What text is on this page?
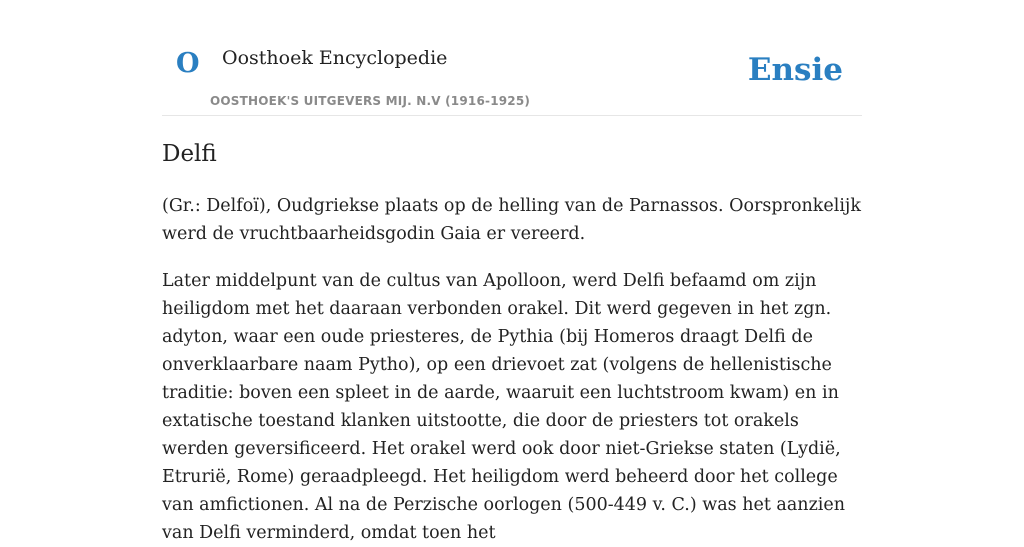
O Oosthoek Encyclopedie
OOSTHOEK'S UITGEVERS MIJ. N.V (1916-1925)
Ensie
Delfi

(Gr.: Delfoï), Oudgriekse plaats op de helling van de Parnassos. Oorspronkelijk werd de vruchtbaarheidsgodin Gaia er vereerd.

Later middelpunt van de cultus van Apolloon, werd Delfi befaamd om zijn heiligdom met het daaraan verbonden orakel. Dit werd gegeven in het zgn. adyton, waar een oude priesteres, de Pythia (bij Homeros draagt Delfi de onverklaarbare naam Pytho), op een drievoet zat (volgens de hellenistische traditie: boven een spleet in de aarde, waaruit een luchtstroom kwam) en in extatische toestand klanken uitstootte, die door de priesters tot orakels werden geversificeerd. Het orakel werd ook door niet-Griekse staten (Lydië, Etrurië, Rome) geraadpleegd. Het heiligdom werd beheerd door het college van amfictionen. Al na de Perzische oorlogen (500-449 v. C.) was het aanzien van Delfi verminderd, omdat toen het
